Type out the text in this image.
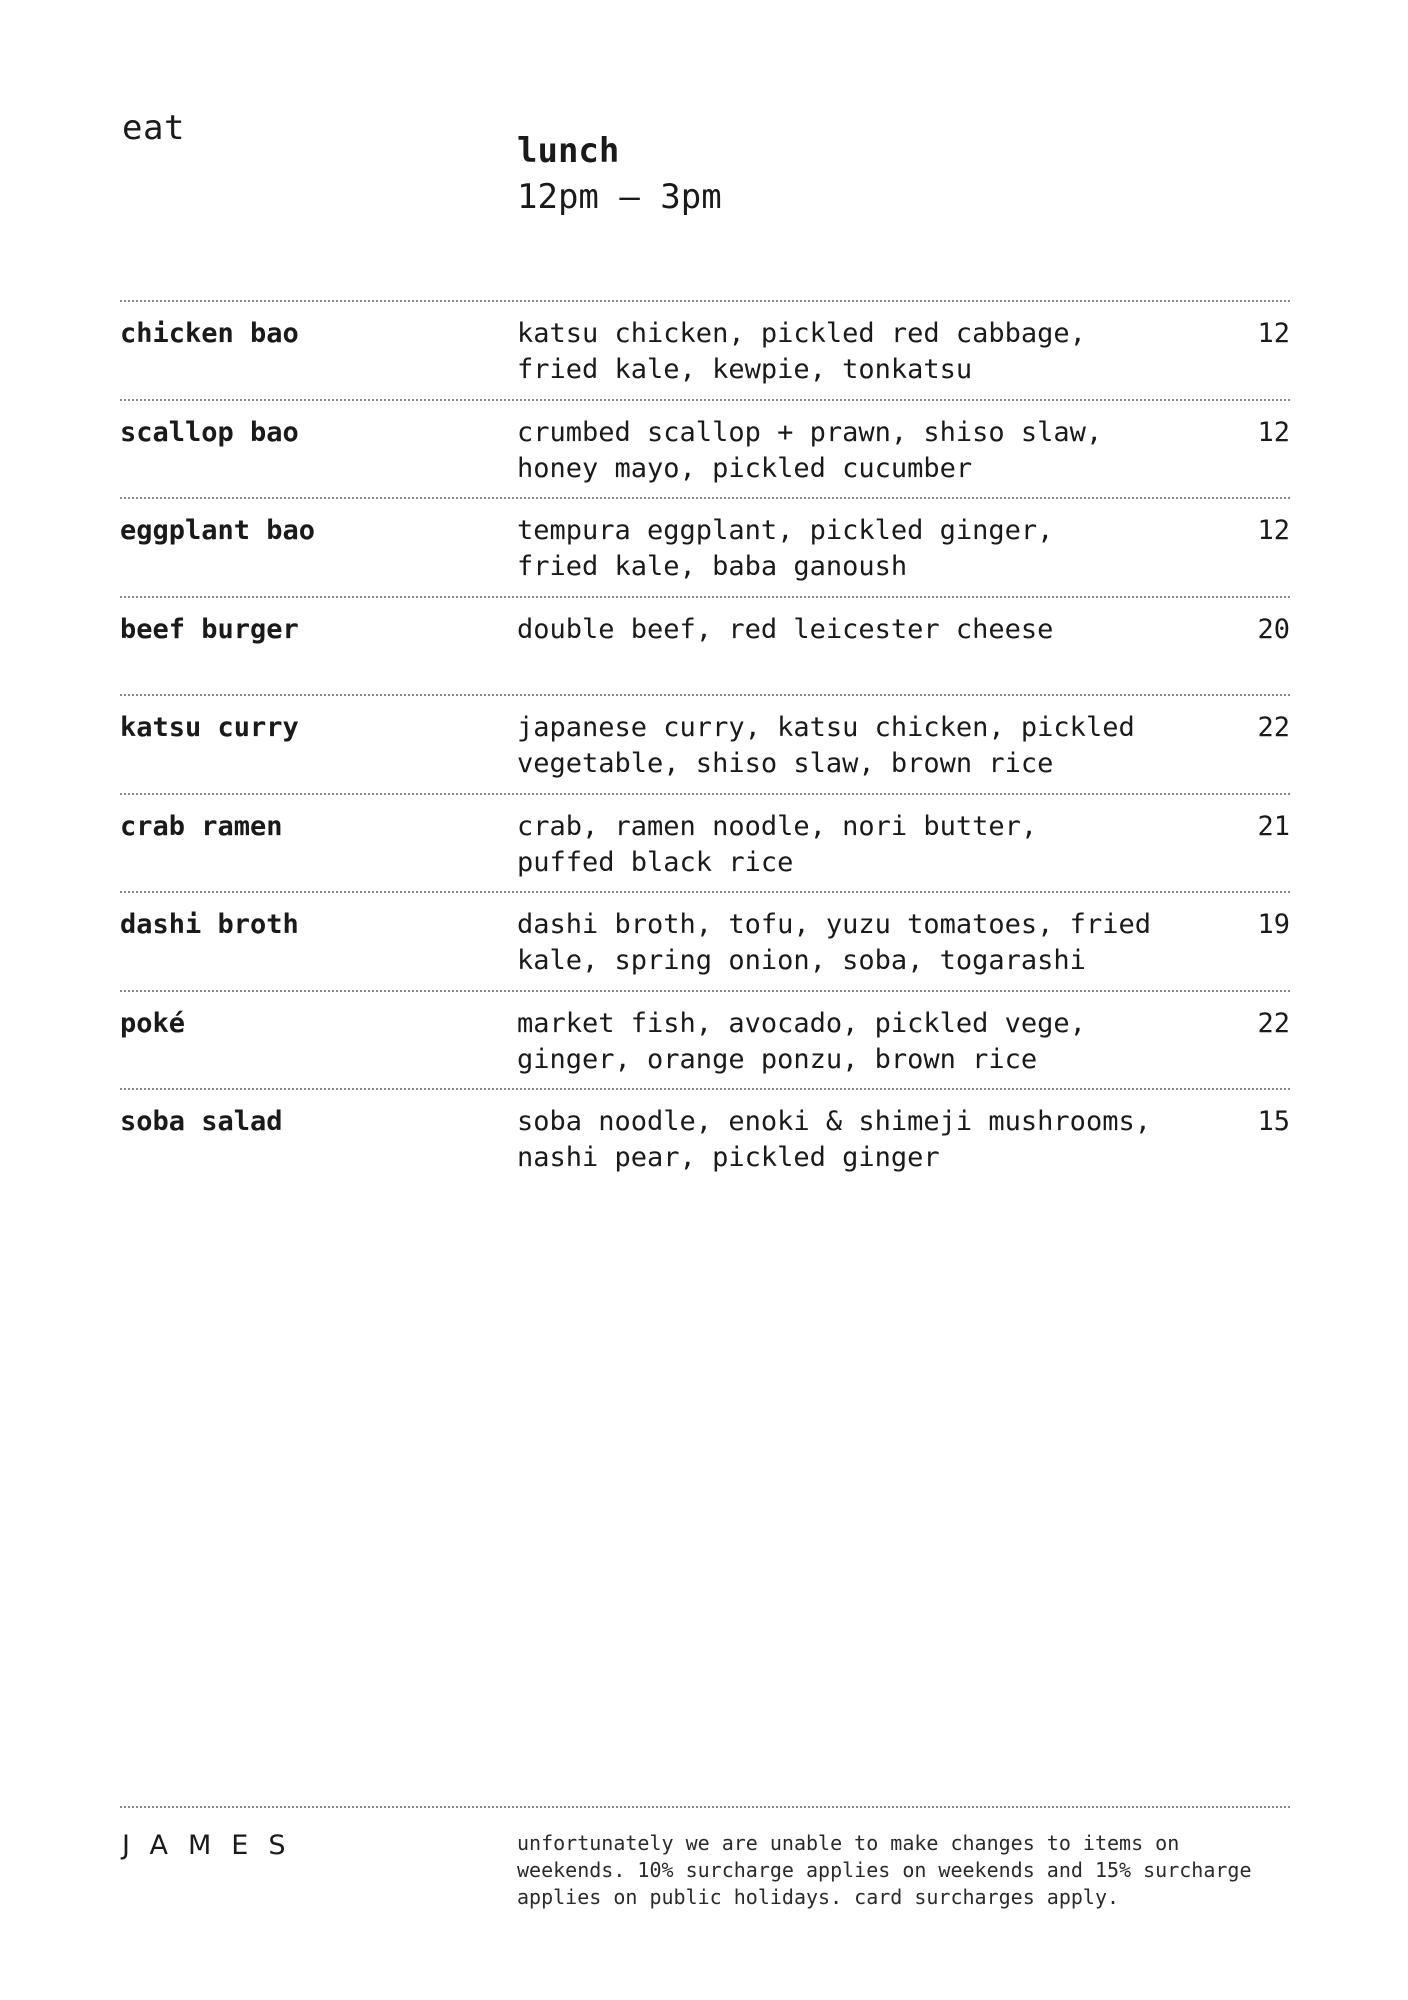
eat
lunch
12pm — 3pm
chicken bao	katsu chicken, pickled red cabbage,
fried kale, kewpie, tonkatsu
12
scallop bao	crumbed scallop + prawn, shiso slaw,
honey mayo, pickled cucumber
12
eggplant bao	tempura eggplant, pickled ginger,
fried kale, baba ganoush
12
beef burger	double beef, red leicester cheese	20
katsu curry	japanese curry, katsu chicken, pickled
vegetable, shiso slaw, brown rice
22
crab ramen	crab, ramen noodle, nori butter,
puffed black rice
21
dashi broth	dashi broth, tofu, yuzu tomatoes, fried
kale, spring onion, soba, togarashi
19
poké	market fish, avocado, pickled vege,
ginger, orange ponzu, brown rice
22
soba salad	soba noodle, enoki & shimeji mushrooms,
nashi pear, pickled ginger
15
JAMES	unfortunately we are unable to make changes to items on weekends. 10% surcharge applies on weekends and 15% surcharge applies on public holidays. card surcharges apply.
